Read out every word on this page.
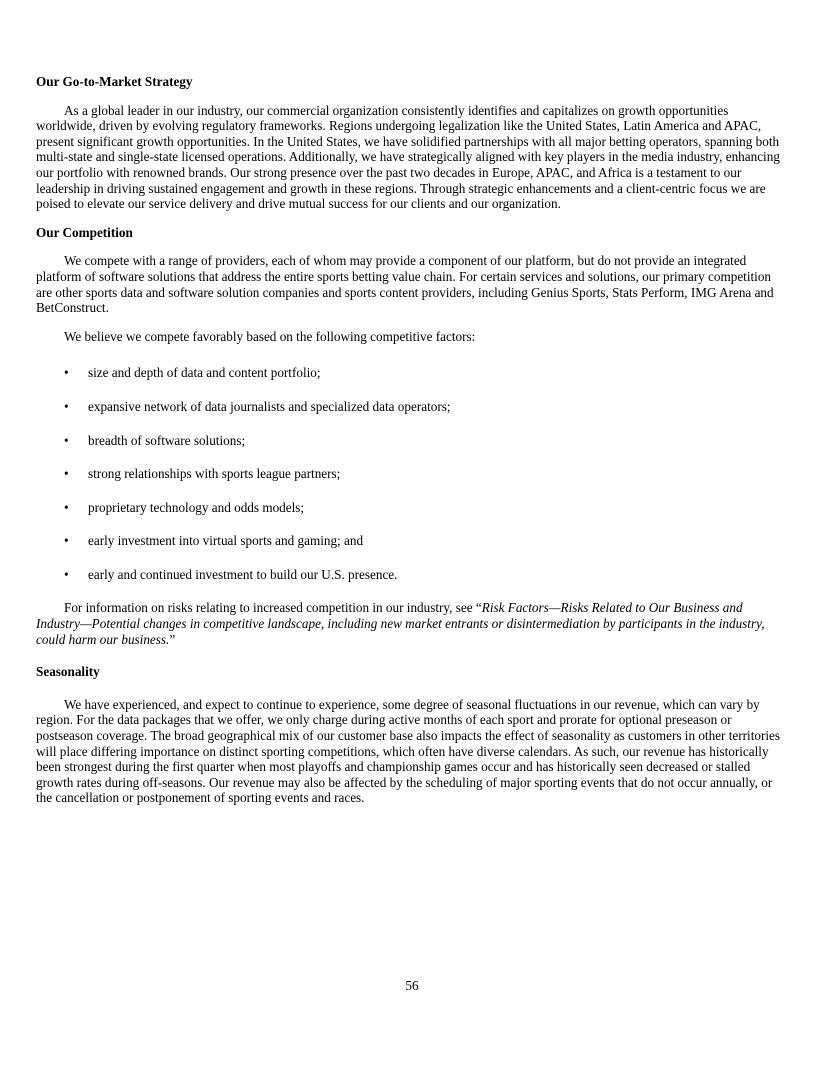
Our Go-to-Market Strategy

As a global leader in our industry, our commercial organization consistently identifies and capitalizes on growth opportunities worldwide, driven by evolving regulatory frameworks. Regions undergoing legalization like the United States, Latin America and APAC, present significant growth opportunities. In the United States, we have solidified partnerships with all major betting operators, spanning both multi-state and single-state licensed operations. Additionally, we have strategically aligned with key players in the media industry, enhancing our portfolio with renowned brands. Our strong presence over the past two decades in Europe, APAC, and Africa is a testament to our leadership in driving sustained engagement and growth in these regions. Through strategic enhancements and a client-centric focus we are poised to elevate our service delivery and drive mutual success for our clients and our organization.

Our Competition

We compete with a range of providers, each of whom may provide a component of our platform, but do not provide an integrated platform of software solutions that address the entire sports betting value chain. For certain services and solutions, our primary competition are other sports data and software solution companies and sports content providers, including Genius Sports, Stats Perform, IMG Arena and BetConstruct.

We believe we compete favorably based on the following competitive factors:

• size and depth of data and content portfolio;
• expansive network of data journalists and specialized data operators;
• breadth of software solutions;
• strong relationships with sports league partners;
• proprietary technology and odds models;
• early investment into virtual sports and gaming; and
• early and continued investment to build our U.S. presence.

For information on risks relating to increased competition in our industry, see “Risk Factors—Risks Related to Our Business and Industry—Potential changes in competitive landscape, including new market entrants or disintermediation by participants in the industry, could harm our business.”

Seasonality

We have experienced, and expect to continue to experience, some degree of seasonal fluctuations in our revenue, which can vary by region. For the data packages that we offer, we only charge during active months of each sport and prorate for optional preseason or postseason coverage. The broad geographical mix of our customer base also impacts the effect of seasonality as customers in other territories will place differing importance on distinct sporting competitions, which often have diverse calendars. As such, our revenue has historically been strongest during the first quarter when most playoffs and championship games occur and has historically seen decreased or stalled growth rates during off-seasons. Our revenue may also be affected by the scheduling of major sporting events that do not occur annually, or the cancellation or postponement of sporting events and races.

56
